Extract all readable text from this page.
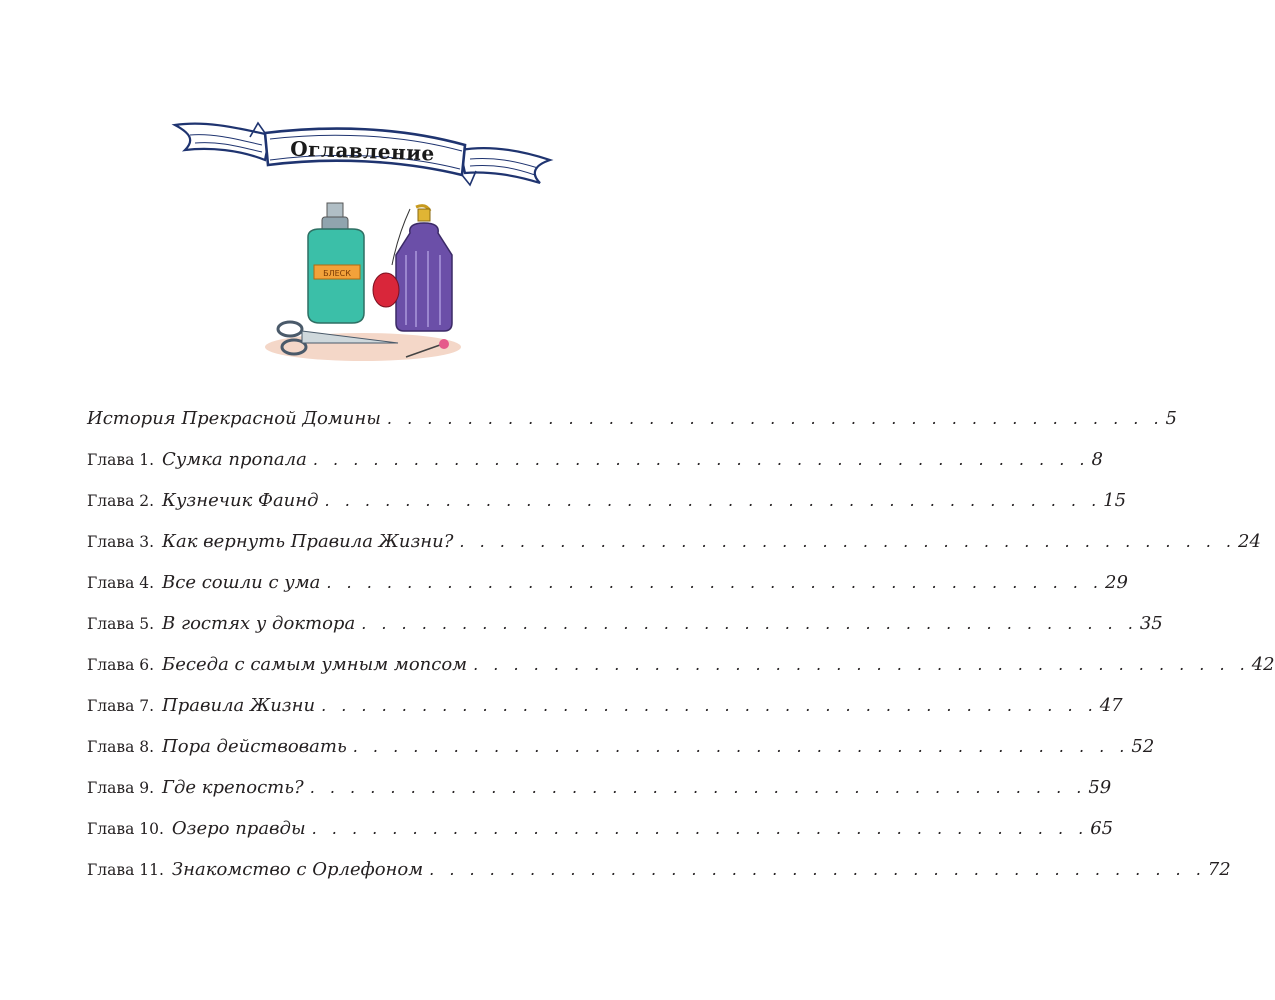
Оглавление
БЛЕСК
История Прекрасной Домины . . . . . . . . . . . . . . . . . . . . . . . . . . . . . . . . . . . . . . . 5
Глава 1. Сумка пропала . . . . . . . . . . . . . . . . . . . . . . . . . . . . . . . . . . . . . . . 8
Глава 2. Кузнечик Фаинд . . . . . . . . . . . . . . . . . . . . . . . . . . . . . . . . . . . . . . . 15
Глава 3. Как вернуть Правила Жизни? . . . . . . . . . . . . . . . . . . . . . . . . . . . . . . . . . . . . . . . 24
Глава 4. Все сошли с ума . . . . . . . . . . . . . . . . . . . . . . . . . . . . . . . . . . . . . . . 29
Глава 5. В гостях у доктора . . . . . . . . . . . . . . . . . . . . . . . . . . . . . . . . . . . . . . . 35
Глава 6. Беседа с самым умным мопсом . . . . . . . . . . . . . . . . . . . . . . . . . . . . . . . . . . . . . . . 42
Глава 7. Правила Жизни . . . . . . . . . . . . . . . . . . . . . . . . . . . . . . . . . . . . . . . 47
Глава 8. Пора действовать . . . . . . . . . . . . . . . . . . . . . . . . . . . . . . . . . . . . . . . 52
Глава 9. Где крепость? . . . . . . . . . . . . . . . . . . . . . . . . . . . . . . . . . . . . . . . 59
Глава 10. Озеро правды . . . . . . . . . . . . . . . . . . . . . . . . . . . . . . . . . . . . . . . 65
Глава 11. Знакомство с Орлефоном . . . . . . . . . . . . . . . . . . . . . . . . . . . . . . . . . . . . . . . 72
